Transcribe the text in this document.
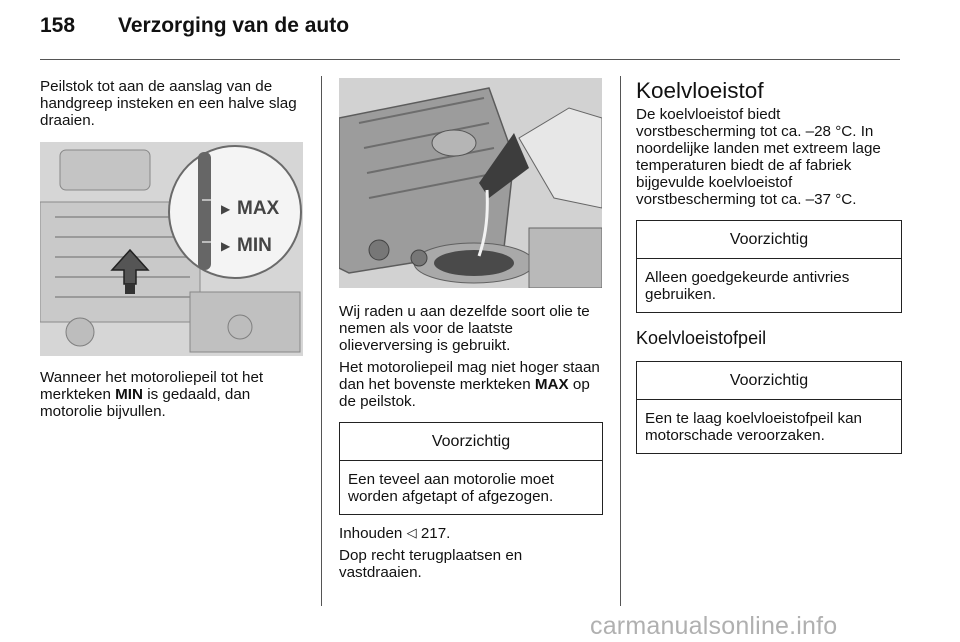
158	Verzorging van de auto

Peilstok tot aan de aanslag van de handgreep insteken en een halve slag draaien.

▶ MAX
▶ MIN

Wanneer het motoroliepeil tot het merkteken MIN is gedaald, dan motorolie bijvullen.

Wij raden u aan dezelfde soort olie te nemen als voor de laatste olieverversing is gebruikt.

Het motoroliepeil mag niet hoger staan dan het bovenste merkteken MAX op de peilstok.

Voorzichtig
Een teveel aan motorolie moet worden afgetapt of afgezogen.

Inhouden ◁ 217.

Dop recht terugplaatsen en vastdraaien.

Koelvloeistof

De koelvloeistof biedt vorstbescherming tot ca. –28 °C. In noordelijke landen met extreem lage temperaturen biedt de af fabriek bijgevulde koelvloeistof vorstbescherming tot ca. –37 °C.

Voorzichtig
Alleen goedgekeurde antivries gebruiken.
Koelvloeistofpeil
Voorzichtig
Een te laag koelvloeistofpeil kan motorschade veroorzaken.
carmanualsonline.info
